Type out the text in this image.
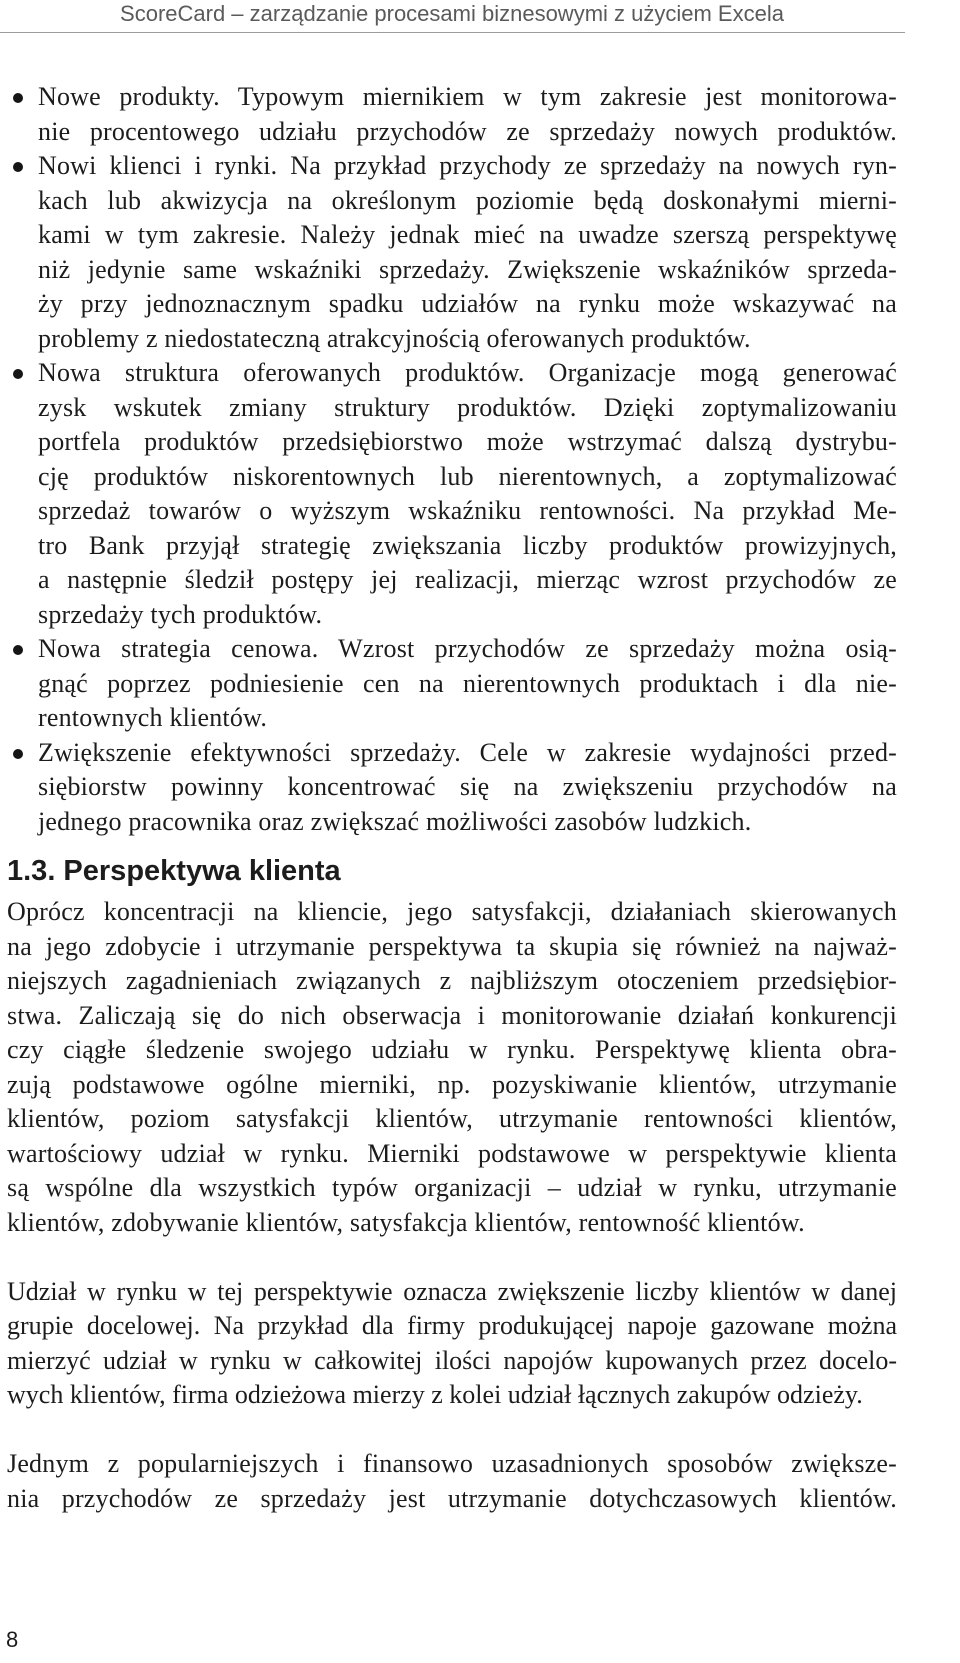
ScoreCard – zarządzanie procesami biznesowymi z użyciem Excela
Nowe produkty. Typowym miernikiem w tym zakresie jest monitorowa-
nie procentowego udziału przychodów ze sprzedaży nowych produktów.
Nowi klienci i rynki. Na przykład przychody ze sprzedaży na nowych ryn-
kach lub akwizycja na określonym poziomie będą doskonałymi mierni-
kami w tym zakresie. Należy jednak mieć na uwadze szerszą perspektywę
niż jedynie same wskaźniki sprzedaży. Zwiększenie wskaźników sprzeda-
ży przy jednoznacznym spadku udziałów na rynku może wskazywać na
problemy z niedostateczną atrakcyjnością oferowanych produktów.
Nowa struktura oferowanych produktów. Organizacje mogą generować
zysk wskutek zmiany struktury produktów. Dzięki zoptymalizowaniu
portfela produktów przedsiębiorstwo może wstrzymać dalszą dystrybu-
cję produktów niskorentownych lub nierentownych, a zoptymalizować
sprzedaż towarów o wyższym wskaźniku rentowności. Na przykład Me-
tro Bank przyjął strategię zwiększania liczby produktów prowizyjnych,
a następnie śledził postępy jej realizacji, mierząc wzrost przychodów ze
sprzedaży tych produktów.
Nowa strategia cenowa. Wzrost przychodów ze sprzedaży można osią-
gnąć poprzez podniesienie cen na nierentownych produktach i dla nie-
rentownych klientów.
Zwiększenie efektywności sprzedaży. Cele w zakresie wydajności przed-
siębiorstw powinny koncentrować się na zwiększeniu przychodów na
jednego pracownika oraz zwiększać możliwości zasobów ludzkich.
1.3. Perspektywa klienta
Oprócz koncentracji na kliencie, jego satysfakcji, działaniach skierowanych
na jego zdobycie i utrzymanie perspektywa ta skupia się również na najważ-
niejszych zagadnieniach związanych z najbliższym otoczeniem przedsiębior-
stwa. Zaliczają się do nich obserwacja i monitorowanie działań konkurencji
czy ciągłe śledzenie swojego udziału w rynku. Perspektywę klienta obra-
zują podstawowe ogólne mierniki, np. pozyskiwanie klientów, utrzymanie
klientów, poziom satysfakcji klientów, utrzymanie rentowności klientów,
wartościowy udział w rynku. Mierniki podstawowe w perspektywie klienta
są wspólne dla wszystkich typów organizacji – udział w rynku, utrzymanie
klientów, zdobywanie klientów, satysfakcja klientów, rentowność klientów.
Udział w rynku w tej perspektywie oznacza zwiększenie liczby klientów w danej
grupie docelowej. Na przykład dla firmy produkującej napoje gazowane można
mierzyć udział w rynku w całkowitej ilości napojów kupowanych przez docelo-
wych klientów, firma odzieżowa mierzy z kolei udział łącznych zakupów odzieży.
Jednym z popularniejszych i finansowo uzasadnionych sposobów zwiększe-
nia przychodów ze sprzedaży jest utrzymanie dotychczasowych klientów.
8
